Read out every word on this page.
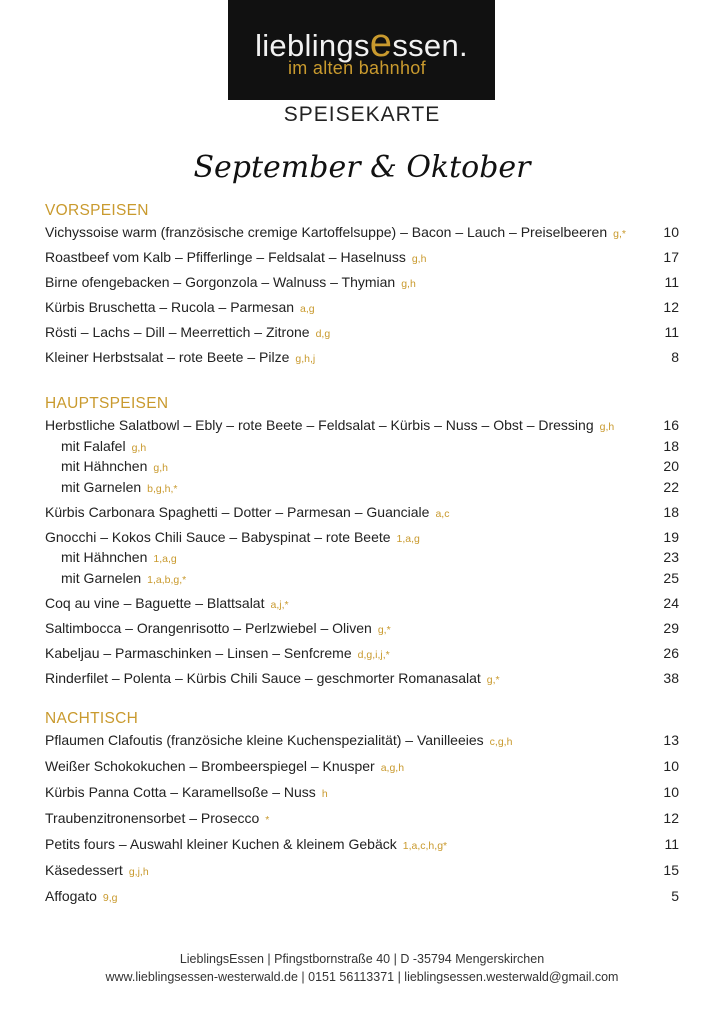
lieblingsessen.
im alten bahnhof
SPEISEKARTE
September & Oktober
VORSPEISEN
Vichyssoise warm (französische cremige Kartoffelsuppe) – Bacon – Lauch – Preiselbeeren g,*	10
Roastbeef vom Kalb – Pfifferlinge – Feldsalat – Haselnuss g,h	17
Birne ofengebacken – Gorgonzola – Walnuss – Thymian g,h	11
Kürbis Bruschetta – Rucola – Parmesan a,g	12
Rösti – Lachs – Dill – Meerrettich – Zitrone d,g	11
Kleiner Herbstsalat – rote Beete – Pilze g,h,j	8
HAUPTSPEISEN
Herbstliche Salatbowl – Ebly – rote Beete – Feldsalat – Kürbis – Nuss – Obst – Dressing g,h	16
mit Falafel g,h	18
mit Hähnchen g,h	20
mit Garnelen b,g,h,*	22
Kürbis Carbonara Spaghetti – Dotter – Parmesan – Guanciale a,c	18
Gnocchi – Kokos Chili Sauce – Babyspinat – rote Beete 1,a,g	19
mit Hähnchen 1,a,g	23
mit Garnelen 1,a,b,g,*	25
Coq au vine – Baguette – Blattsalat a,j,*	24
Saltimbocca – Orangenrisotto – Perlzwiebel – Oliven g,*	29
Kabeljau – Parmaschinken – Linsen – Senfcreme d,g,i,j,*	26
Rinderfilet – Polenta – Kürbis Chili Sauce – geschmorter Romanasalat g,*	38
NACHTISCH
Pflaumen Clafoutis (französiche kleine Kuchenspezialität) – Vanilleeies c,g,h	13
Weißer Schokokuchen – Brombeerspiegel – Knusper a,g,h	10
Kürbis Panna Cotta – Karamellsoße – Nuss h	10
Traubenzitronensorbet – Prosecco *	12
Petits fours – Auswahl kleiner Kuchen & kleinem Gebäck 1,a,c,h,g*	11
Käsedessert g,j,h	15
Affogato 9,g	5
LieblingsEssen | Pfingstbornstraße 40 | D -35794 Mengerskirchen
www.lieblingsessen-westerwald.de | 0151 56113371 | lieblingsessen.westerwald@gmail.com
